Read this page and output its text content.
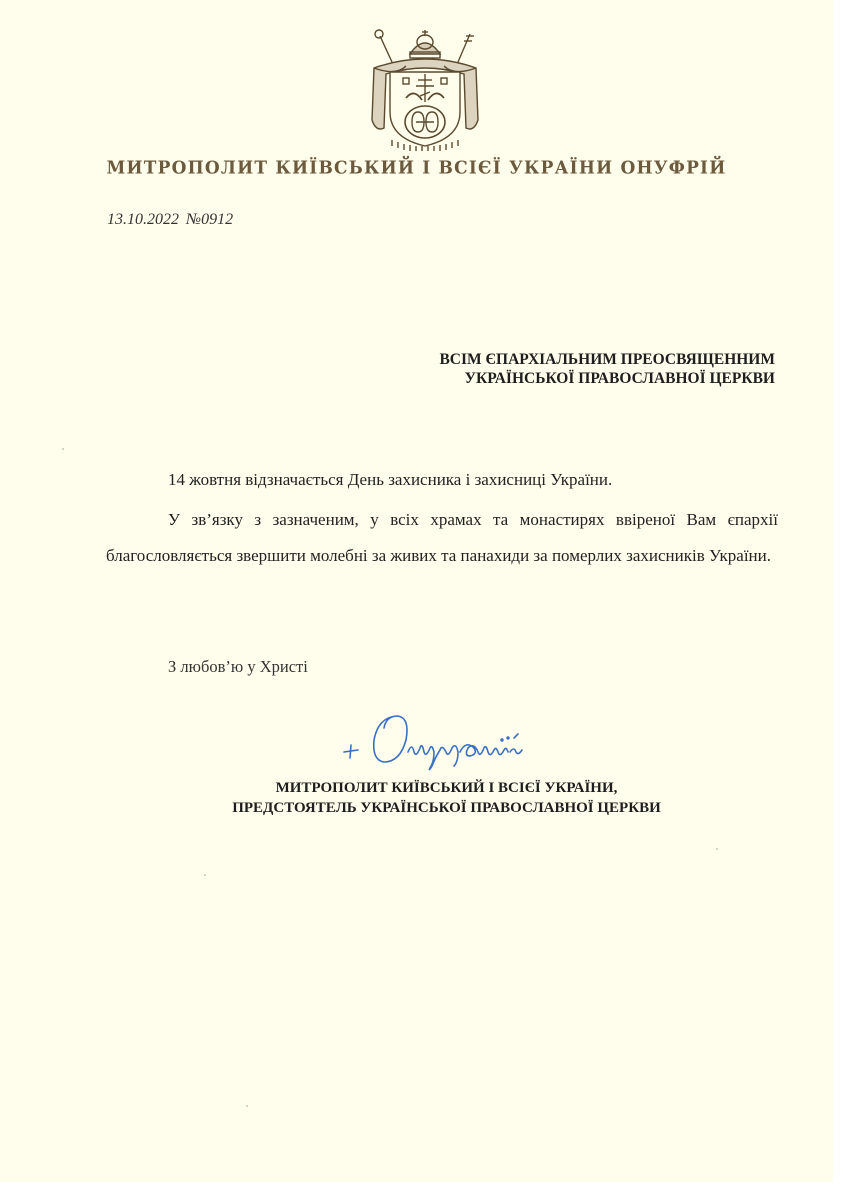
МИТРОПОЛИТ КИЇВСЬКИЙ І ВСІЄЇ УКРАЇНИ ОНУФРІЙ
13.10.2022 №0912
ВСІМ ЄПАРХІАЛЬНИМ ПРЕОСВЯЩЕННИМ
УКРАЇНСЬКОЇ ПРАВОСЛАВНОЇ ЦЕРКВИ

14 жовтня відзначається День захисника і захисниці України.

У зв’язку з зазначеним, у всіх храмах та монастирях ввіреної Вам єпархії благословляється звершити молебні за живих та панахиди за померлих захисників України.

З любов’ю у Христі
МИТРОПОЛИТ КИЇВСЬКИЙ І ВСІЄЇ УКРАЇНИ,
ПРЕДСТОЯТЕЛЬ УКРАЇНСЬКОЇ ПРАВОСЛАВНОЇ ЦЕРКВИ
